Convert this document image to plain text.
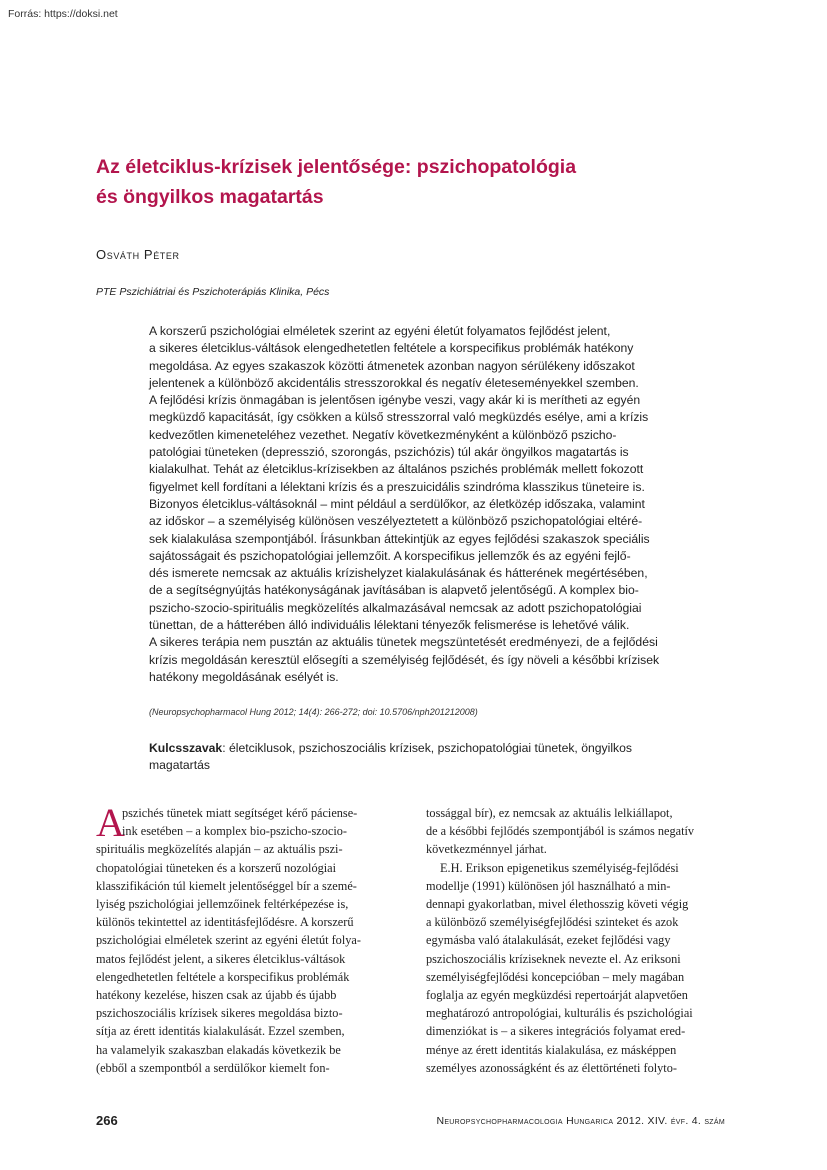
Forrás: https://doksi.net
Az életciklus-krízisek jelentősége: pszichopatológia
és öngyilkos magatartás
Osváth Péter
PTE Pszichiátriai és Pszichoterápiás Klinika, Pécs
A korszerű pszichológiai elméletek szerint az egyéni életút folyamatos fejlődést jelent,
a sikeres életciklus-váltások elengedhetetlen feltétele a korspecifikus problémák hatékony
megoldása. Az egyes szakaszok közötti átmenetek azonban nagyon sérülékeny időszakot
jelentenek a különböző akcidentális stresszorokkal és negatív életeseményekkel szemben.
A fejlődési krízis önmagában is jelentősen igénybe veszi, vagy akár ki is merítheti az egyén
megküzdő kapacitását, így csökken a külső stresszorral való megküzdés esélye, ami a krízis
kedvezőtlen kimeneteléhez vezethet. Negatív következményként a különböző pszicho-
patológiai tüneteken (depresszió, szorongás, pszichózis) túl akár öngyilkos magatartás is
kialakulhat. Tehát az életciklus-krízisekben az általános pszichés problémák mellett fokozott
figyelmet kell fordítani a lélektani krízis és a preszuicidális szindróma klasszikus tüneteire is.
Bizonyos életciklus-váltásoknál – mint például a serdülőkor, az életközép időszaka, valamint
az időskor – a személyiség különösen veszélyeztetett a különböző pszichopatológiai eltéré-
sek kialakulása szempontjából. Írásunkban áttekintjük az egyes fejlődési szakaszok speciális
sajátosságait és pszichopatológiai jellemzőit. A korspecifikus jellemzők és az egyéni fejlő-
dés ismerete nemcsak az aktuális krízishelyzet kialakulásának és hátterének megértésében,
de a segítségnyújtás hatékonyságának javításában is alapvető jelentőségű. A komplex bio-
pszicho-szocio-spirituális megközelítés alkalmazásával nemcsak az adott pszichopatológiai
tünettan, de a hátterében álló individuális lélektani tényezők felismerése is lehetővé válik.
A sikeres terápia nem pusztán az aktuális tünetek megszüntetését eredményezi, de a fejlődési
krízis megoldásán keresztül elősegíti a személyiség fejlődését, és így növeli a későbbi krízisek
hatékony megoldásának esélyét is.
(Neuropsychopharmacol Hung 2012; 14(4): 266-272; doi: 10.5706/nph201212008)
Kulcsszavak: életciklusok, pszichoszociális krízisek, pszichopatológiai tünetek, öngyilkos
magatartás
A
pszichés tünetek miatt segítséget kérő páciense-
ink esetében – a komplex bio-pszicho-szocio-
spirituális megközelítés alapján – az aktuális pszi-
chopatológiai tüneteken és a korszerű nozológiai
klasszifikáción túl kiemelt jelentőséggel bír a szemé-
lyiség pszichológiai jellemzőinek feltérképezése is,
különös tekintettel az identitásfejlődésre. A korszerű
pszichológiai elméletek szerint az egyéni életút folya-
matos fejlődést jelent, a sikeres életciklus-váltások
elengedhetetlen feltétele a korspecifikus problémák
hatékony kezelése, hiszen csak az újabb és újabb
pszichoszociális krízisek sikeres megoldása bizto-
sítja az érett identitás kialakulását. Ezzel szemben,
ha valamelyik szakaszban elakadás következik be
(ebből a szempontból a serdülőkor kiemelt fon-
tossággal bír), ez nemcsak az aktuális lelkiállapot,
de a későbbi fejlődés szempontjából is számos negatív
következménnyel járhat.
E.H. Erikson epigenetikus személyiség-fejlődési
modellje (1991) különösen jól használható a min-
dennapi gyakorlatban, mivel élethosszig követi végig
a különböző személyiségfejlődési szinteket és azok
egymásba való átalakulását, ezeket fejlődési vagy
pszichoszociális kríziseknek nevezte el. Az eriksoni
személyiségfejlődési koncepcióban – mely magában
foglalja az egyén megküzdési repertoárját alapvetően
meghatározó antropológiai, kulturális és pszichológiai
dimenziókat is – a sikeres integrációs folyamat ered-
ménye az érett identitás kialakulása, ez másképpen
személyes azonosságként és az élettörténeti folyto-
266	Neuropsychopharmacologia Hungarica 2012. XIV. évf. 4. szám
